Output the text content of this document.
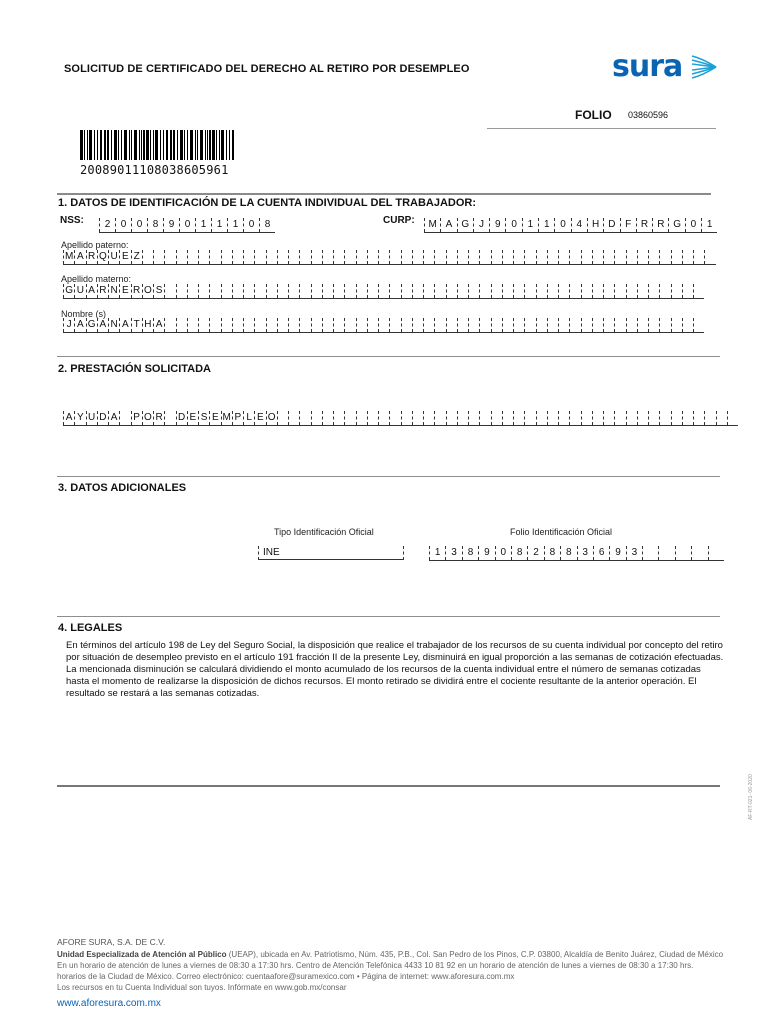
SOLICITUD DE CERTIFICADO DEL DERECHO AL RETIRO POR DESEMPLEO	sura
FOLIO 03860596
20089011108038605961
1. DATOS DE IDENTIFICACIÓN DE LA CUENTA INDIVIDUAL DEL TRABAJADOR:
NSS:	2	0	0	8	9	0	1	1	1	0	8	CURP:	M A G J	9	0	1	1	0	4 H D F R R G 0	1
Apellido paterno:
M A R Q U E Z
Apellido materno:
G U A R N E R O S
Nombre (s)
J A G A N A T H A
2. PRESTACIÓN SOLICITADA
A Y U D A P O R D E S E M P L E O
3. DATOS ADICIONALES
Tipo Identificación Oficial
INE
Folio Identificación Oficial
1	3	8	9	0	8	2	8	8	3	6	9	3
4. LEGALES
En términos del artículo 198 de Ley del Seguro Social, la disposición que realice el trabajador de los recursos de su cuenta individual por concepto del retiro por situación de desempleo previsto en el artículo 191 fracción II de la presente Ley, disminuirá en igual proporción a las semanas de cotización efectuadas. La mencionada disminución se calculará dividiendo el monto acumulado de los recursos de la cuenta individual entre el número de semanas cotizadas hasta el momento de realizarse la disposición de dichos recursos. El monto retirado se dividirá entre el cociente resultante de la anterior operación. El resultado se restará a las semanas cotizadas.
AF-RT-021- 06-2020
AFORE SURA, S.A. DE C.V.
Unidad Especializada de Atención al Público (UEAP), ubicada en Av. Patriotismo, Núm. 435, P.B., Col. San Pedro de los Pinos, C.P. 03800, Alcaldía de Benito Juárez, Ciudad de México
En un horario de atención de lunes a viernes de 08:30 a 17:30 hrs. Centro de Atención Telefónica 4433 10 81 92 en un horario de atención de lunes a viernes de 08:30 a 17:30 hrs.
horarios de la Ciudad de México. Correo electrónico: cuentaafore@suramexico.com • Página de internet: www.aforesura.com.mx
Los recursos en tu Cuenta Individual son tuyos. Infórmate en www.gob.mx/consar
www.aforesura.com.mx
